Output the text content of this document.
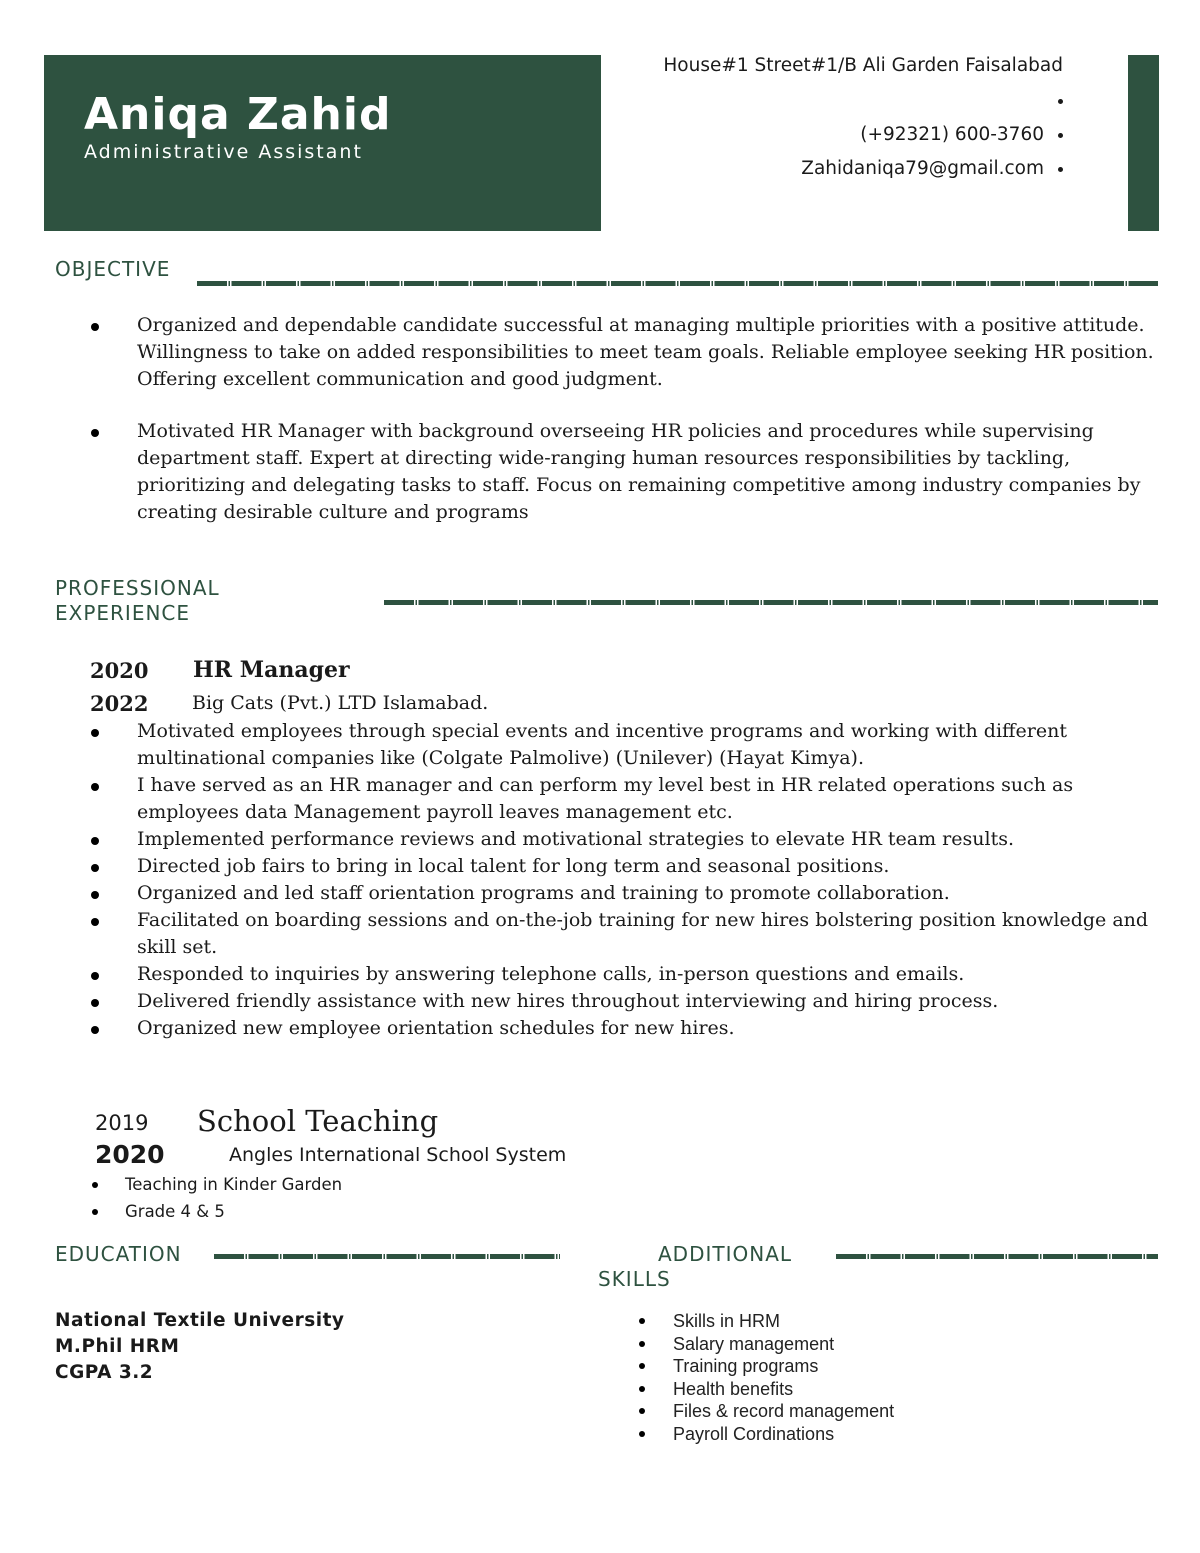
Aniqa Zahid
Administrative Assistant
House#1 Street#1/B Ali Garden Faisalabad
(+92321) 600-3760
Zahidaniqa79@gmail.com
OBJECTIVE
Organized and dependable candidate successful at managing multiple priorities with a positive attitude. Willingness to take on added responsibilities to meet team goals. Reliable employee seeking HR position. Offering excellent communication and good judgment.
Motivated HR Manager with background overseeing HR policies and procedures while supervising department staff. Expert at directing wide-ranging human resources responsibilities by tackling, prioritizing and delegating tasks to staff. Focus on remaining competitive among industry companies by creating desirable culture and programs
PROFESSIONAL
EXPERIENCE
2020 HR Manager
2022 Big Cats (Pvt.) LTD Islamabad.
Motivated employees through special events and incentive programs and working with different multinational companies like (Colgate Palmolive) (Unilever) (Hayat Kimya).
I have served as an HR manager and can perform my level best in HR related operations such as employees data Management payroll leaves management etc.
Implemented performance reviews and motivational strategies to elevate HR team results.
Directed job fairs to bring in local talent for long term and seasonal positions.
Organized and led staff orientation programs and training to promote collaboration.
Facilitated on boarding sessions and on-the-job training for new hires bolstering position knowledge and skill set.
Responded to inquiries by answering telephone calls, in-person questions and emails.
Delivered friendly assistance with new hires throughout interviewing and hiring process.
Organized new employee orientation schedules for new hires.
2019 School Teaching
2020	Angles International School System
Teaching in Kinder Garden
Grade 4 & 5
EDUCATION
National Textile University
M.Phil HRM
CGPA 3.2
ADDITIONAL
SKILLS
Skills in HRM
Salary management
Training programs
Health benefits
Files & record management
Payroll Cordinations
